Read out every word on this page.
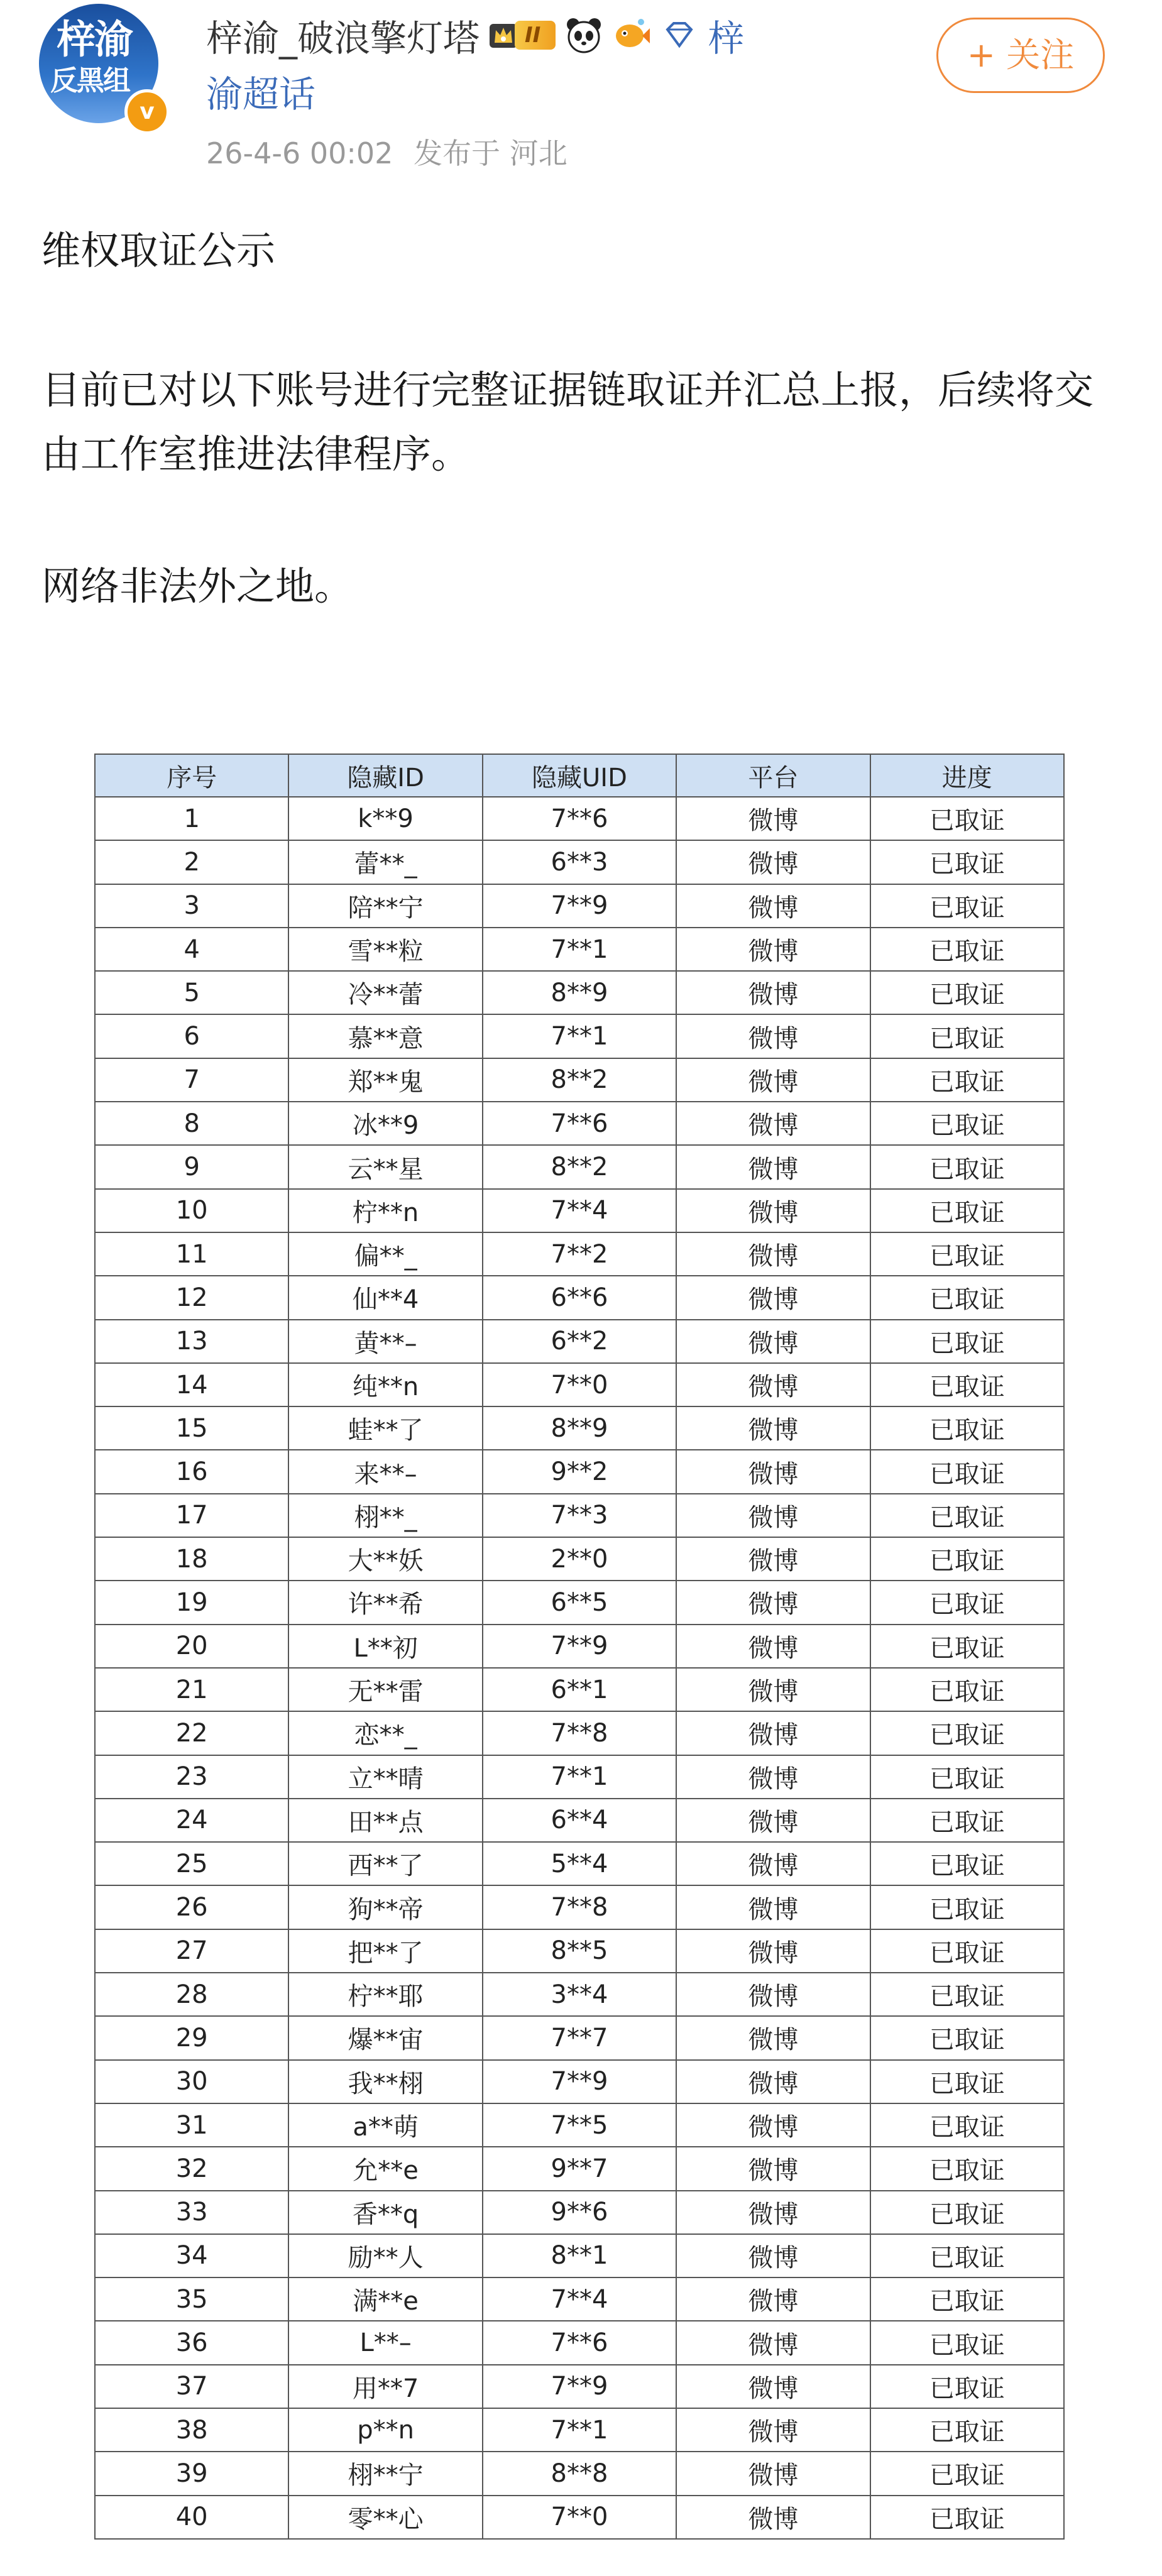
梓渝
反黑组
v
梓渝_破浪擎灯塔	II	梓
渝超话
26-4-6 00:02 发布于 河北
+ 关注

维权取证公示

目前已对以下账号进行完整证据链取证并汇总上报，后续将交由工作室推进法律程序。

网络非法外之地。

序号	隐藏ID	隐藏UID	平台	进度
1	k**9	7**6	微博	已取证
2	蕾**_	6**3	微博	已取证
3	陪**宁	7**9	微博	已取证
4	雪**粒	7**1	微博	已取证
5	冷**蕾	8**9	微博	已取证
6	慕**意	7**1	微博	已取证
7	郑**鬼	8**2	微博	已取证
8	冰**9	7**6	微博	已取证
9	云**星	8**2	微博	已取证
10	柠**n	7**4	微博	已取证
11	偏**_	7**2	微博	已取证
12	仙**4	6**6	微博	已取证
13	黄**–	6**2	微博	已取证
14	纯**n	7**0	微博	已取证
15	蛙**了	8**9	微博	已取证
16	来**–	9**2	微博	已取证
17	栩**_	7**3	微博	已取证
18	大**妖	2**0	微博	已取证
19	许**希	6**5	微博	已取证
20	L**初	7**9	微博	已取证
21	无**雷	6**1	微博	已取证
22	恋**_	7**8	微博	已取证
23	立**晴	7**1	微博	已取证
24	田**点	6**4	微博	已取证
25	西**了	5**4	微博	已取证
26	狗**帝	7**8	微博	已取证
27	把**了	8**5	微博	已取证
28	柠**耶	3**4	微博	已取证
29	爆**宙	7**7	微博	已取证
30	我**栩	7**9	微博	已取证
31	a**萌	7**5	微博	已取证
32	允**e	9**7	微博	已取证
33	香**q	9**6	微博	已取证
34	励**人	8**1	微博	已取证
35	满**e	7**4	微博	已取证
36	L**–	7**6	微博	已取证
37	用**7	7**9	微博	已取证
38	p**n	7**1	微博	已取证
39	栩**宁	8**8	微博	已取证
40	零**心	7**0	微博	已取证
